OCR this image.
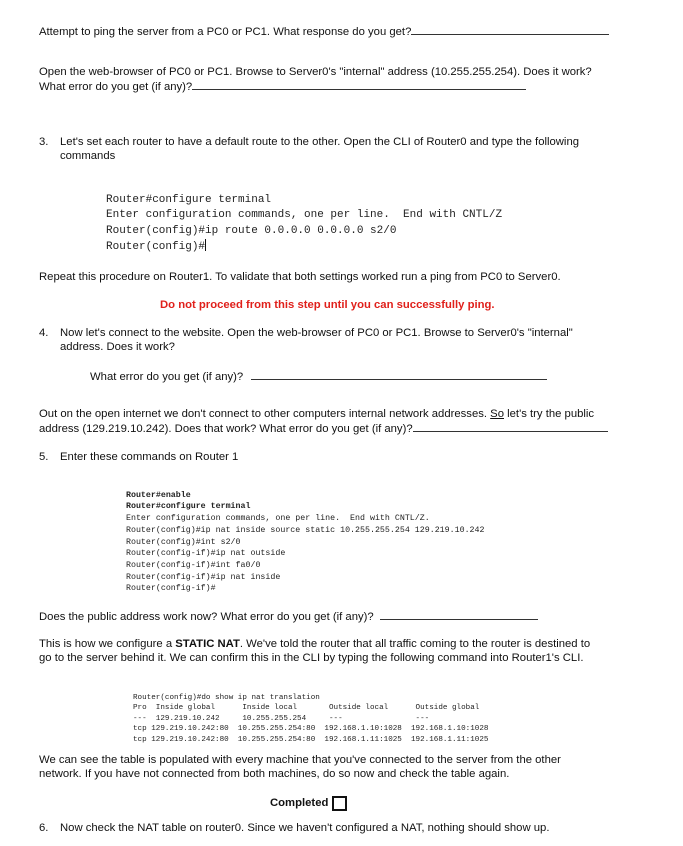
Attempt to ping the server from a PC0 or PC1. What response do you get?
Open the web-browser of PC0 or PC1. Browse to Server0's "internal" address (10.255.255.254). Does it work?
What error do you get (if any)?
3. Let's set each router to have a default route to the other. Open the CLI of Router0 and type the following
commands

Router#configure terminal
Enter configuration commands, one per line.  End with CNTL/Z
Router(config)#ip route 0.0.0.0 0.0.0.0 s2/0
Router(config)#

Repeat this procedure on Router1. To validate that both settings worked run a ping from PC0 to Server0.
Do not proceed from this step until you can successfully ping.
4. Now let's connect to the website. Open the web-browser of PC0 or PC1. Browse to Server0's "internal"
address. Does it work?
What error do you get (if any)?
Out on the open internet we don't connect to other computers internal network addresses. So let's try the public
address (129.219.10.242). Does that work? What error do you get (if any)?
5. Enter these commands on Router 1

Router#enable
Router#configure terminal
Enter configuration commands, one per line.  End with CNTL/Z.
Router(config)#ip nat inside source static 10.255.255.254 129.219.10.242
Router(config)#int s2/0
Router(config-if)#ip nat outside
Router(config-if)#int fa0/0
Router(config-if)#ip nat inside
Router(config-if)#

Does the public address work now? What error do you get (if any)?
This is how we configure a STATIC NAT. We've told the router that all traffic coming to the router is destined to
go to the server behind it. We can confirm this in the CLI by typing the following command into Router1's CLI.

Router(config)#do show ip nat translation
Pro  Inside global      Inside local       Outside local      Outside global
---  129.219.10.242     10.255.255.254     ---                ---
tcp 129.219.10.242:80  10.255.255.254:80  192.168.1.10:1028  192.168.1.10:1028
tcp 129.219.10.242:80  10.255.255.254:80  192.168.1.11:1025  192.168.1.11:1025

We can see the table is populated with every machine that you've connected to the server from the other
network. If you have not connected from both machines, do so now and check the table again.
Completed
6. Now check the NAT table on router0. Since we haven't configured a NAT, nothing should show up.
